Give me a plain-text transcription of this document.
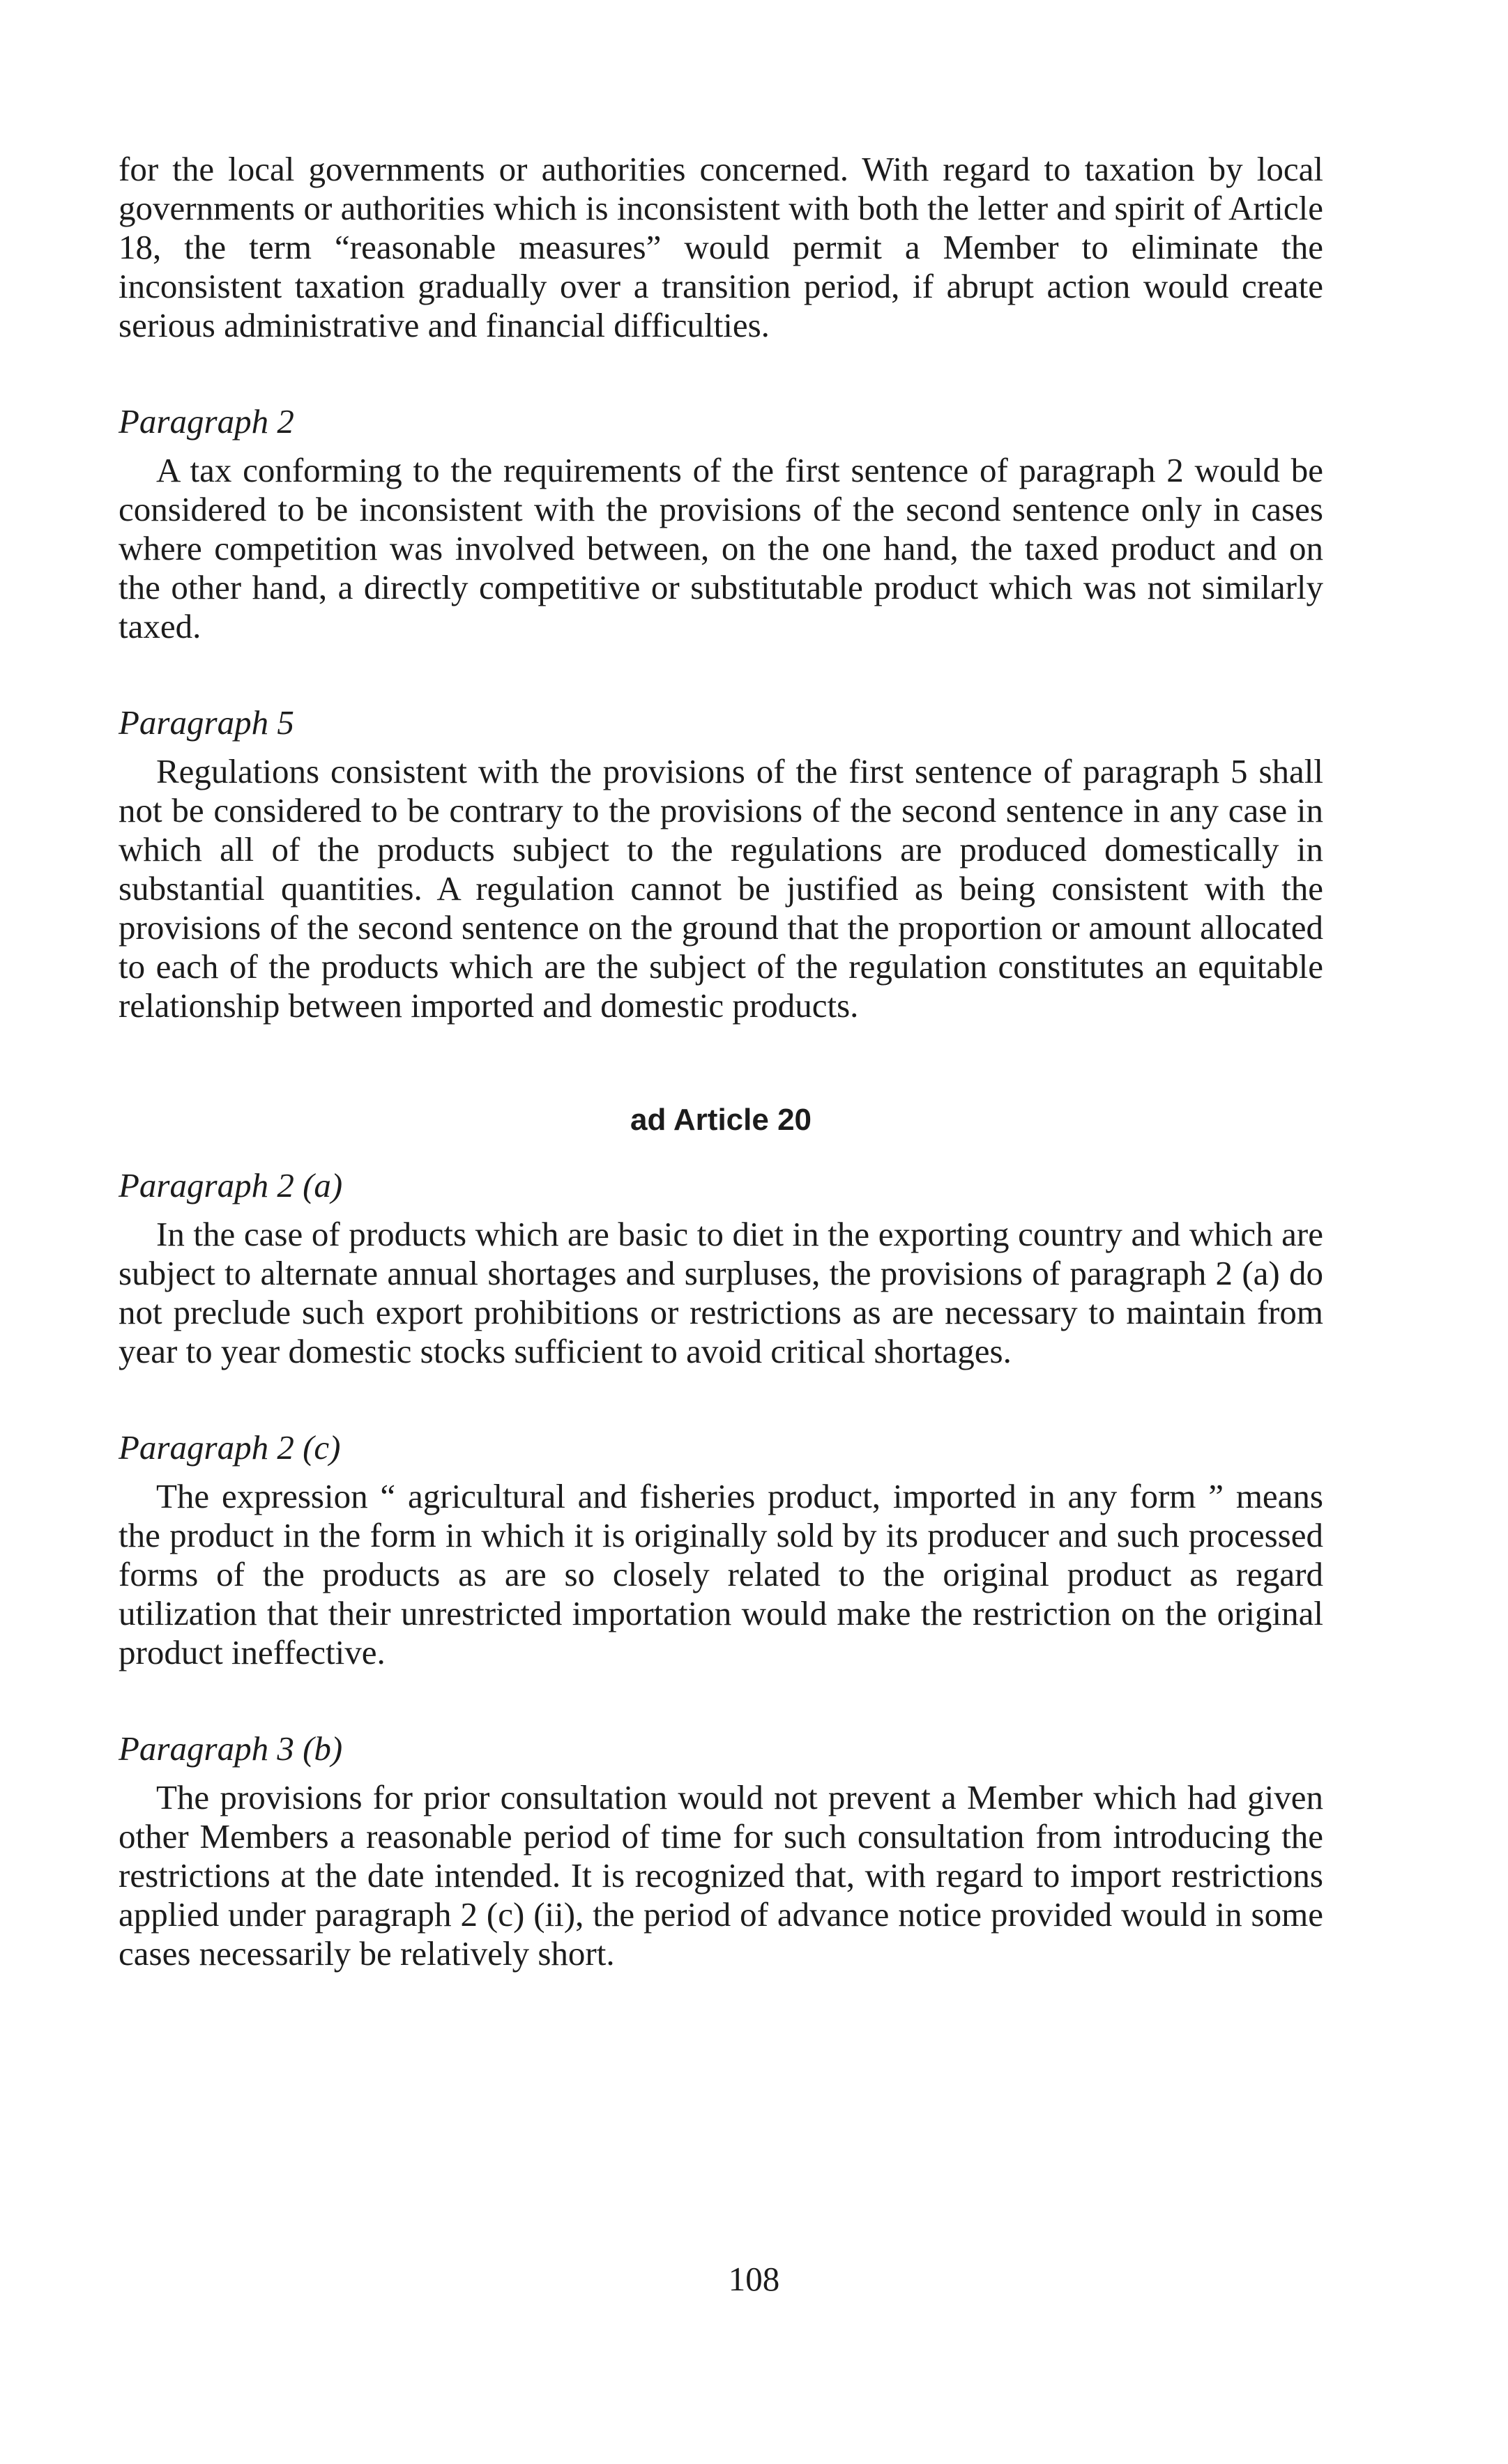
for the local governments or authorities concerned. With regard to taxation by local governments or authorities which is inconsistent with both the letter and spirit of Article 18, the term “reasonable measures” would permit a Member to eliminate the inconsistent taxation gradually over a transition period, if abrupt action would create serious administrative and financial difficulties.

Paragraph 2

A tax conforming to the requirements of the first sentence of paragraph 2 would be considered to be inconsistent with the provisions of the second sentence only in cases where competition was involved between, on the one hand, the taxed product and on the other hand, a directly competitive or substitutable product which was not similarly taxed.

Paragraph 5

Regulations consistent with the provisions of the first sentence of paragraph 5 shall not be considered to be contrary to the provisions of the second sentence in any case in which all of the products subject to the regulations are produced domestically in substantial quantities. A regulation cannot be justified as being consistent with the provisions of the second sentence on the ground that the proportion or amount allocated to each of the products which are the subject of the regulation constitutes an equitable relationship between imported and domestic products.

ad Article 20

Paragraph 2 (a)

In the case of products which are basic to diet in the exporting country and which are subject to alternate annual shortages and surpluses, the provisions of paragraph 2 (a) do not preclude such export prohibitions or restrictions as are necessary to maintain from year to year domestic stocks sufficient to avoid critical shortages.

Paragraph 2 (c)

The expression “ agricultural and fisheries product, imported in any form ” means the product in the form in which it is originally sold by its producer and such processed forms of the products as are so closely related to the original product as regard utilization that their unrestricted importation would make the restriction on the original product ineffective.

Paragraph 3 (b)

The provisions for prior consultation would not prevent a Member which had given other Members a reasonable period of time for such consultation from introducing the restrictions at the date intended. It is recognized that, with regard to import restrictions applied under paragraph 2 (c) (ii), the period of advance notice provided would in some cases necessarily be relatively short.

108
